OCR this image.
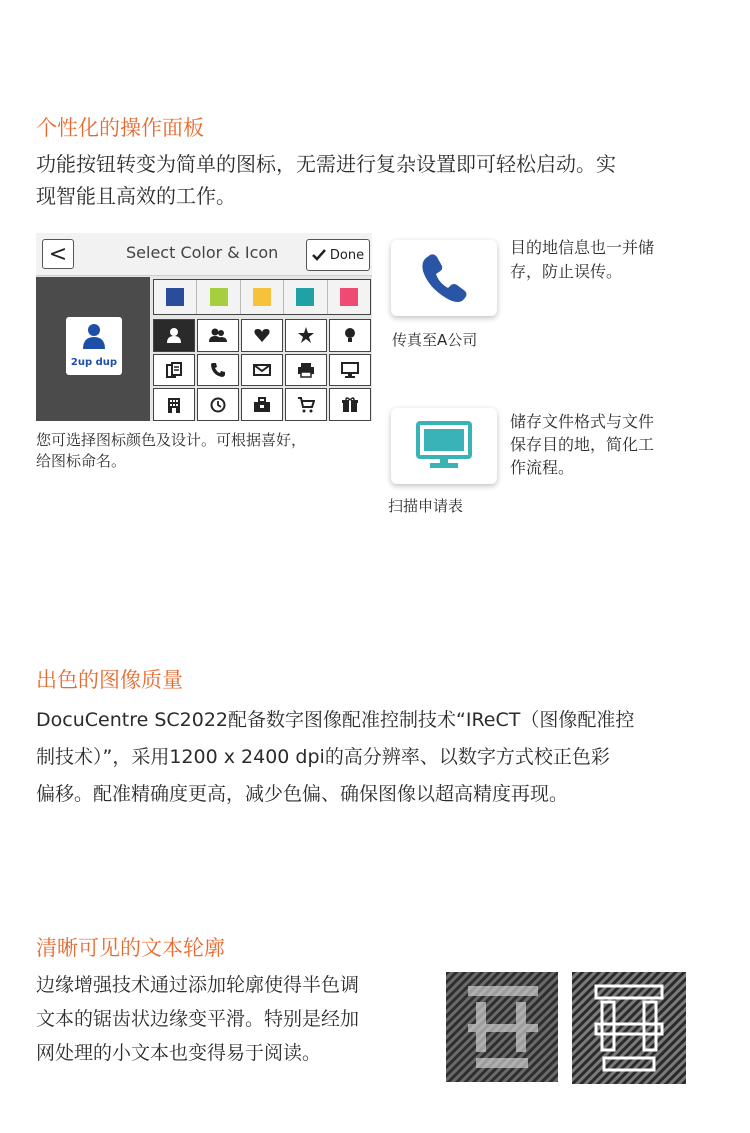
个性化的操作面板
功能按钮转变为简单的图标，无需进行复杂设置即可轻松启动。实
现智能且高效的工作。
<	Select Color & Icon	Done
2up dup
您可选择图标颜色及设计。可根据喜好，
给图标命名。
传真至A公司
目的地信息也一并储
存，防止误传。
扫描申请表
储存文件格式与文件
保存目的地，简化工
作流程。
出色的图像质量
DocuCentre SC2022配备数字图像配准控制技术“IReCT（图像配准控
制技术）”，采用1200 x 2400 dpi的高分辨率、以数字方式校正色彩
偏移。配准精确度更高，减少色偏、确保图像以超高精度再现。
清晰可见的文本轮廓
边缘增强技术通过添加轮廓使得半色调
文本的锯齿状边缘变平滑。特别是经加
网处理的小文本也变得易于阅读。
